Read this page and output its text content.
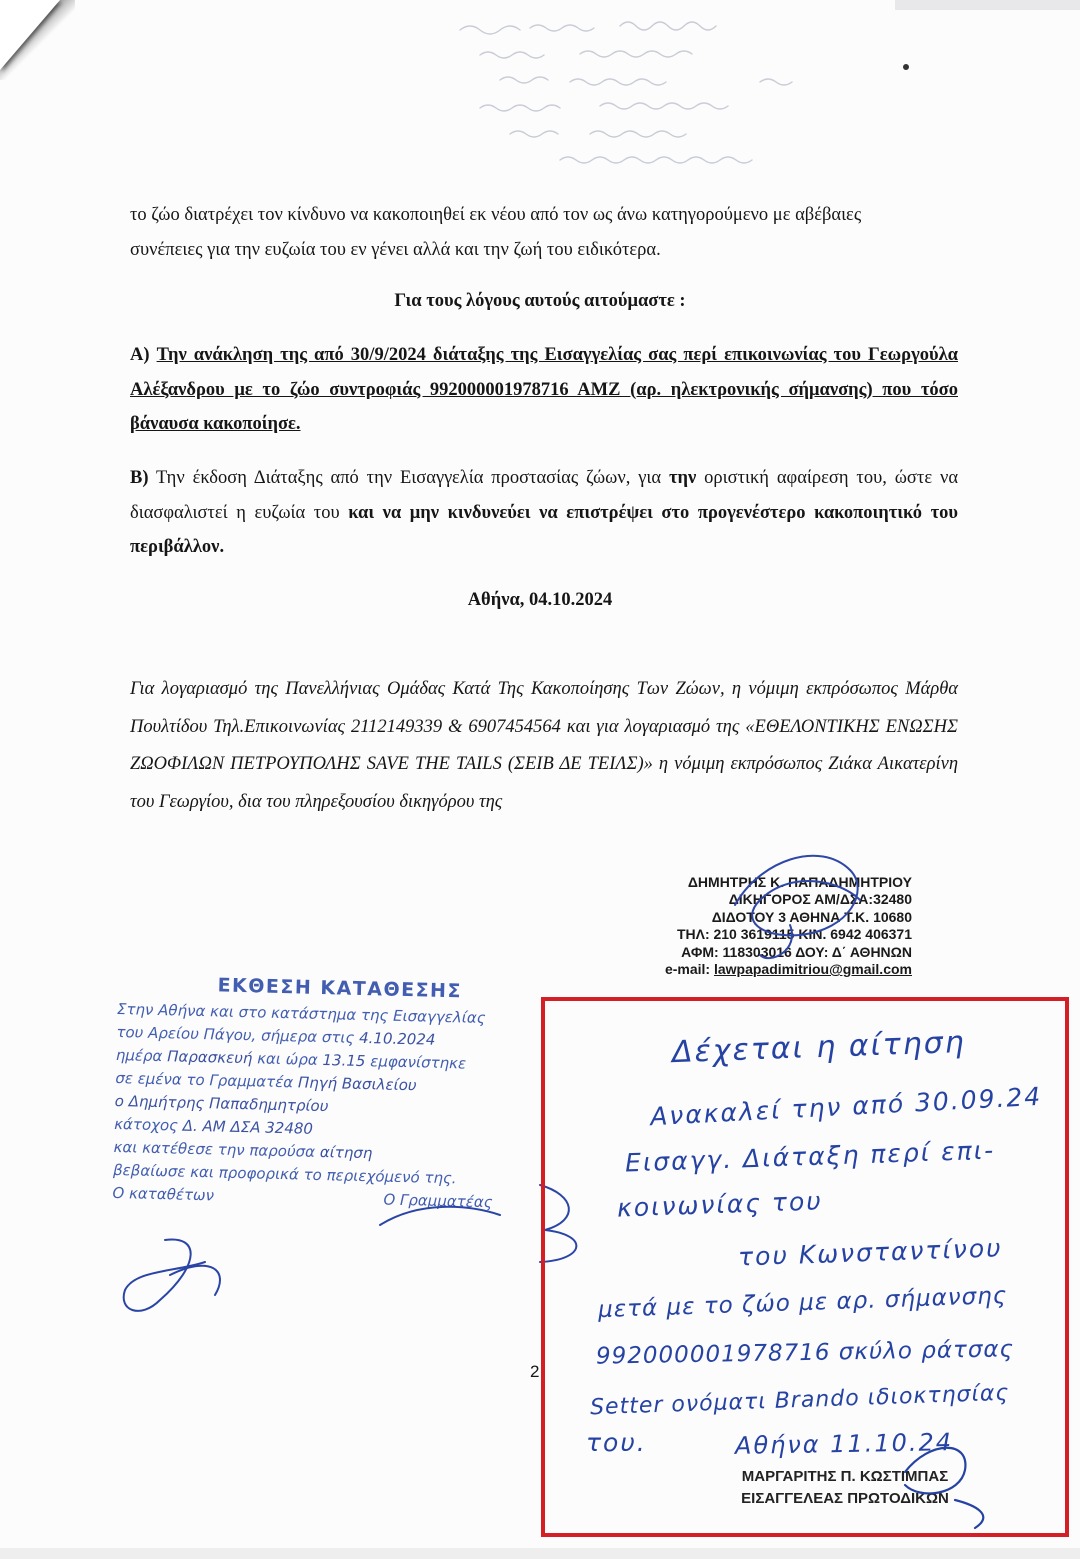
το ζώο διατρέχει τον κίνδυνο να κακοποιηθεί εκ νέου από τον ως άνω κατηγορούμενο με αβέβαιες
συνέπειες για την ευζωία του εν γένει αλλά και την ζωή του ειδικότερα.

Για τους λόγους αυτούς αιτούμαστε :

Α) Την ανάκληση της από 30/9/2024 διάταξης της Εισαγγελίας σας περί επικοινωνίας του Γεωργούλα Αλέξανδρου με το ζώο συντροφιάς 992000001978716 ΑΜΖ (αρ. ηλεκτρονικής σήμανσης) που τόσο βάναυσα κακοποίησε.

Β) Την έκδοση Διάταξης από την Εισαγγελία προστασίας ζώων, για την οριστική αφαίρεση του, ώστε να διασφαλιστεί η ευζωία του και να μην κινδυνεύει να επιστρέψει στο προγενέστερο κακοποιητικό του περιβάλλον.

Αθήνα, 04.10.2024

Για λογαριασμό της Πανελλήνιας Ομάδας Κατά Της Κακοποίησης Των Ζώων, η νόμιμη εκπρόσωπος Μάρθα Πουλτίδου Τηλ.Επικοινωνίας 2112149339 & 6907454564 και για λογαριασμό της «ΕΘΕΛΟΝΤΙΚΗΣ ΕΝΩΣΗΣ ΖΩΟΦΙΛΩΝ ΠΕΤΡΟΥΠΟΛΗΣ SAVE THE TAILS (ΣΕΙΒ ΔΕ ΤΕΙΛΣ)» η νόμιμη εκπρόσωπος Ζιάκα Αικατερίνη του Γεωργίου, δια του πληρεξουσίου δικηγόρου της

ΔΗΜΗΤΡΗΣ Κ. ΠΑΠΑΔΗΜΗΤΡΙΟΥ
ΔΙΚΗΓΟΡΟΣ ΑΜ/ΔΣΑ:32480
ΔΙΔΟΤΟΥ 3 ΑΘΗΝΑ Τ.Κ. 10680
ΤΗΛ: 210 3619115 ΚΙΝ. 6942 406371
ΑΦΜ: 118303016 ΔΟΥ: Δ΄ ΑΘΗΝΩΝ
e-mail: lawpapadimitriou@gmail.com
ΕΚΘΕΣΗ ΚΑΤΑΘΕΣΗΣ
Στην Αθήνα και στο κατάστημα της Εισαγγελίας
του Αρείου Πάγου, σήμερα στις 4.10.2024
ημέρα Παρασκευή και ώρα 13.15 εμφανίστηκε
σε εμένα το Γραμματέα Πηγή Βασιλείου
ο Δημήτρης Παπαδημητρίου
κάτοχος Δ. ΑΜ ΔΣΑ 32480
και κατέθεσε την παρούσα αίτηση
βεβαίωσε και προφορικά το περιεχόμενό της.
Ο καταθέτων	Ο Γραμματέας
2
Δέχεται η αίτηση
Ανακαλεί την από 30.09.24
Εισαγγ. Διάταξη περί επι-
κοινωνίας του
του Κωνσταντίνου
μετά με το ζώο με αρ. σήμανσης
992000001978716 σκύλο ράτσας
Setter ονόματι Brando ιδιοκτησίας
του.	Αθήνα 11.10.24
ΜΑΡΓΑΡΙΤΗΣ Π. ΚΩΣΤΙΜΠΑΣ
ΕΙΣΑΓΓΕΛΕΑΣ ΠΡΩΤΟΔΙΚΩΝ
